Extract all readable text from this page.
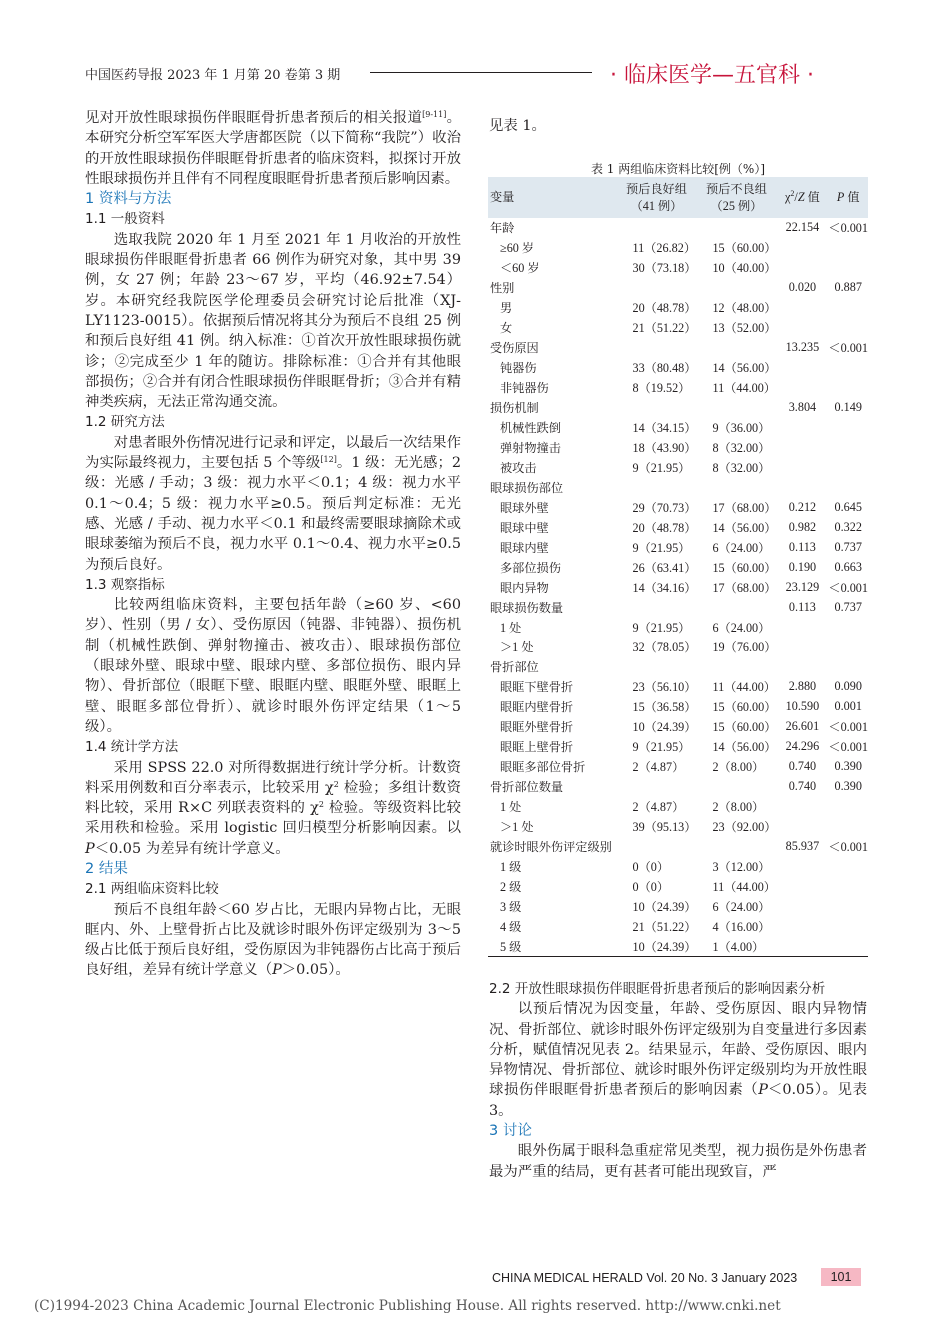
中国医药导报 2023 年 1 月第 20 卷第 3 期	· 临床医学—五官科 ·

见对开放性眼球损伤伴眼眶骨折患者预后的相关报道[9-11]。本研究分析空军军医大学唐都医院（以下简称“我院”）收治的开放性眼球损伤伴眼眶骨折患者的临床资料，拟探讨开放性眼球损伤并且伴有不同程度眼眶骨折患者预后影响因素。

1 资料与方法

1.1 一般资料

选取我院 2020 年 1 月至 2021 年 1 月收治的开放性眼球损伤伴眼眶骨折患者 66 例作为研究对象，其中男 39 例，女 27 例；年龄 23～67 岁，平均（46.92±7.54）岁。本研究经我院医学伦理委员会研究讨论后批准（XJ-LY1123-0015）。依据预后情况将其分为预后不良组 25 例和预后良好组 41 例。纳入标准：①首次开放性眼球损伤就诊；②完成至少 1 年的随访。排除标准：①合并有其他眼部损伤；②合并有闭合性眼球损伤伴眼眶骨折；③合并有精神类疾病，无法正常沟通交流。

1.2 研究方法

对患者眼外伤情况进行记录和评定，以最后一次结果作为实际最终视力，主要包括 5 个等级[12]。1 级：无光感；2 级：光感 / 手动；3 级：视力水平＜0.1；4 级：视力水平 0.1～0.4；5 级：视力水平≥0.5。预后判定标准：无光感、光感 / 手动、视力水平＜0.1 和最终需要眼球摘除术或眼球萎缩为预后不良，视力水平 0.1～0.4、视力水平≥0.5 为预后良好。

1.3 观察指标

比较两组临床资料，主要包括年龄（≥60 岁、<60 岁）、性别（男 / 女）、受伤原因（钝器、非钝器）、损伤机制（机械性跌倒、弹射物撞击、被攻击）、眼球损伤部位（眼球外壁、眼球中壁、眼球内壁、多部位损伤、眼内异物）、骨折部位（眼眶下壁、眼眶内壁、眼眶外壁、眼眶上壁、眼眶多部位骨折）、就诊时眼外伤评定结果（1～5 级）。

1.4 统计学方法

采用 SPSS 22.0 对所得数据进行统计学分析。计数资料采用例数和百分率表示，比较采用 $\chi^2$ 检验；多组计数资料比较，采用 R×C 列联表资料的 $\chi^2$ 检验。等级资料比较采用秩和检验。采用 logistic 回归模型分析影响因素。以 P＜0.05 为差异有统计学意义。

2 结果

2.1 两组临床资料比较

预后不良组年龄＜60 岁占比，无眼内异物占比，无眼眶内、外、上壁骨折占比及就诊时眼外伤评定级别为 3～5 级占比低于预后良好组，受伤原因为非钝器伤占比高于预后良好组，差异有统计学意义（P＞0.05）。

见表 1。
表 1 两组临床资料比较[例（%）]
变量	预后良好组
（41 例）	预后不良组
（25 例）	$\chi^2/Z$ 值	P 值
年龄			22.154	＜0.001
≥60 岁	11（26.82）	15（60.00）		
＜60 岁	30（73.18）	10（40.00）		
性别			0.020	0.887
男	20（48.78）	12（48.00）		
女	21（51.22）	13（52.00）		
受伤原因			13.235	＜0.001
钝器伤	33（80.48）	14（56.00）		
非钝器伤	8（19.52）	11（44.00）		
损伤机制			3.804	0.149
机械性跌倒	14（34.15）	9（36.00）		
弹射物撞击	18（43.90）	8（32.00）		
被攻击	9（21.95）	8（32.00）		
眼球损伤部位				
眼球外壁	29（70.73）	17（68.00）	0.212	0.645
眼球中壁	20（48.78）	14（56.00）	0.982	0.322
眼球内壁	9（21.95）	6（24.00）	0.113	0.737
多部位损伤	26（63.41）	15（60.00）	0.190	0.663
眼内异物	14（34.16）	17（68.00）	23.129	＜0.001
眼球损伤数量			0.113	0.737
1 处	9（21.95）	6（24.00）		
＞1 处	32（78.05）	19（76.00）		
骨折部位				
眼眶下壁骨折	23（56.10）	11（44.00）	2.880	0.090
眼眶内壁骨折	15（36.58）	15（60.00）	10.590	0.001
眼眶外壁骨折	10（24.39）	15（60.00）	26.601	＜0.001
眼眶上壁骨折	9（21.95）	14（56.00）	24.296	＜0.001
眼眶多部位骨折	2（4.87）	2（8.00）	0.740	0.390
骨折部位数量			0.740	0.390
1 处	2（4.87）	2（8.00）		
＞1 处	39（95.13）	23（92.00）		
就诊时眼外伤评定级别			85.937	＜0.001
1 级	0（0）	3（12.00）		
2 级	0（0）	11（44.00）		
3 级	10（24.39）	6（24.00）		
4 级	21（51.22）	4（16.00）		
5 级	10（24.39）	1（4.00）		

2.2 开放性眼球损伤伴眼眶骨折患者预后的影响因素分析

以预后情况为因变量，年龄、受伤原因、眼内异物情况、骨折部位、就诊时眼外伤评定级别为自变量进行多因素分析，赋值情况见表 2。结果显示，年龄、受伤原因、眼内异物情况、骨折部位、就诊时眼外伤评定级别均为开放性眼球损伤伴眼眶骨折患者预后的影响因素（P＜0.05）。见表 3。

3 讨论

眼外伤属于眼科急重症常见类型，视力损伤是外伤患者最为严重的结局，更有甚者可能出现致盲，严

CHINA MEDICAL HERALD Vol. 20 No. 3 January 2023	101
(C)1994-2023 China Academic Journal Electronic Publishing House. All rights reserved. http://www.cnki.net
